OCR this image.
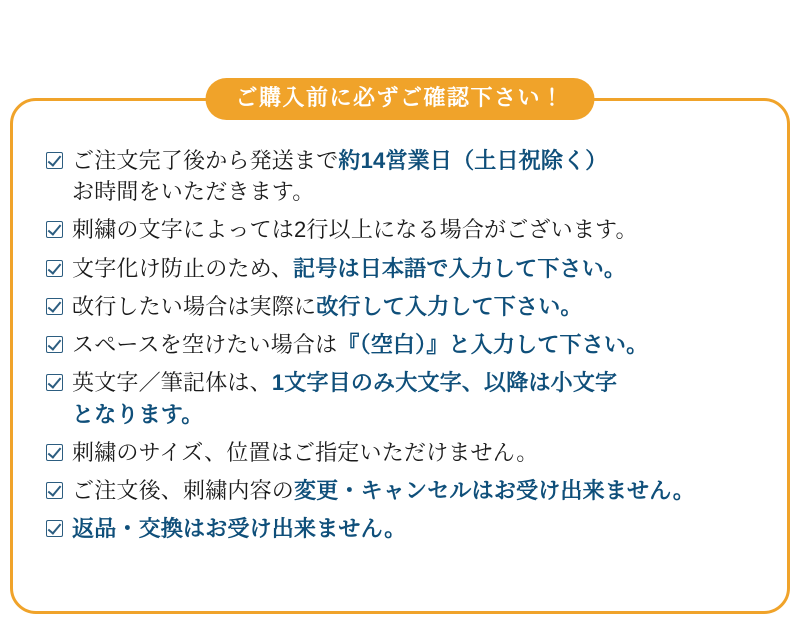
ご購入前に必ずご確認下さい！
ご注文完了後から発送まで約14営業日（土日祝除く）
お時間をいただきます。
刺繍の文字によっては2行以上になる場合がございます。
文字化け防止のため、記号は日本語で入力して下さい。
改行したい場合は実際に改行して入力して下さい。
スペースを空けたい場合は『（空白）』と入力して下さい。
英文字／筆記体は、1文字目のみ大文字、以降は小文字
となります。
刺繍のサイズ、位置はご指定いただけません。
ご注文後、刺繍内容の変更・キャンセルはお受け出来ません。
返品・交換はお受け出来ません。
